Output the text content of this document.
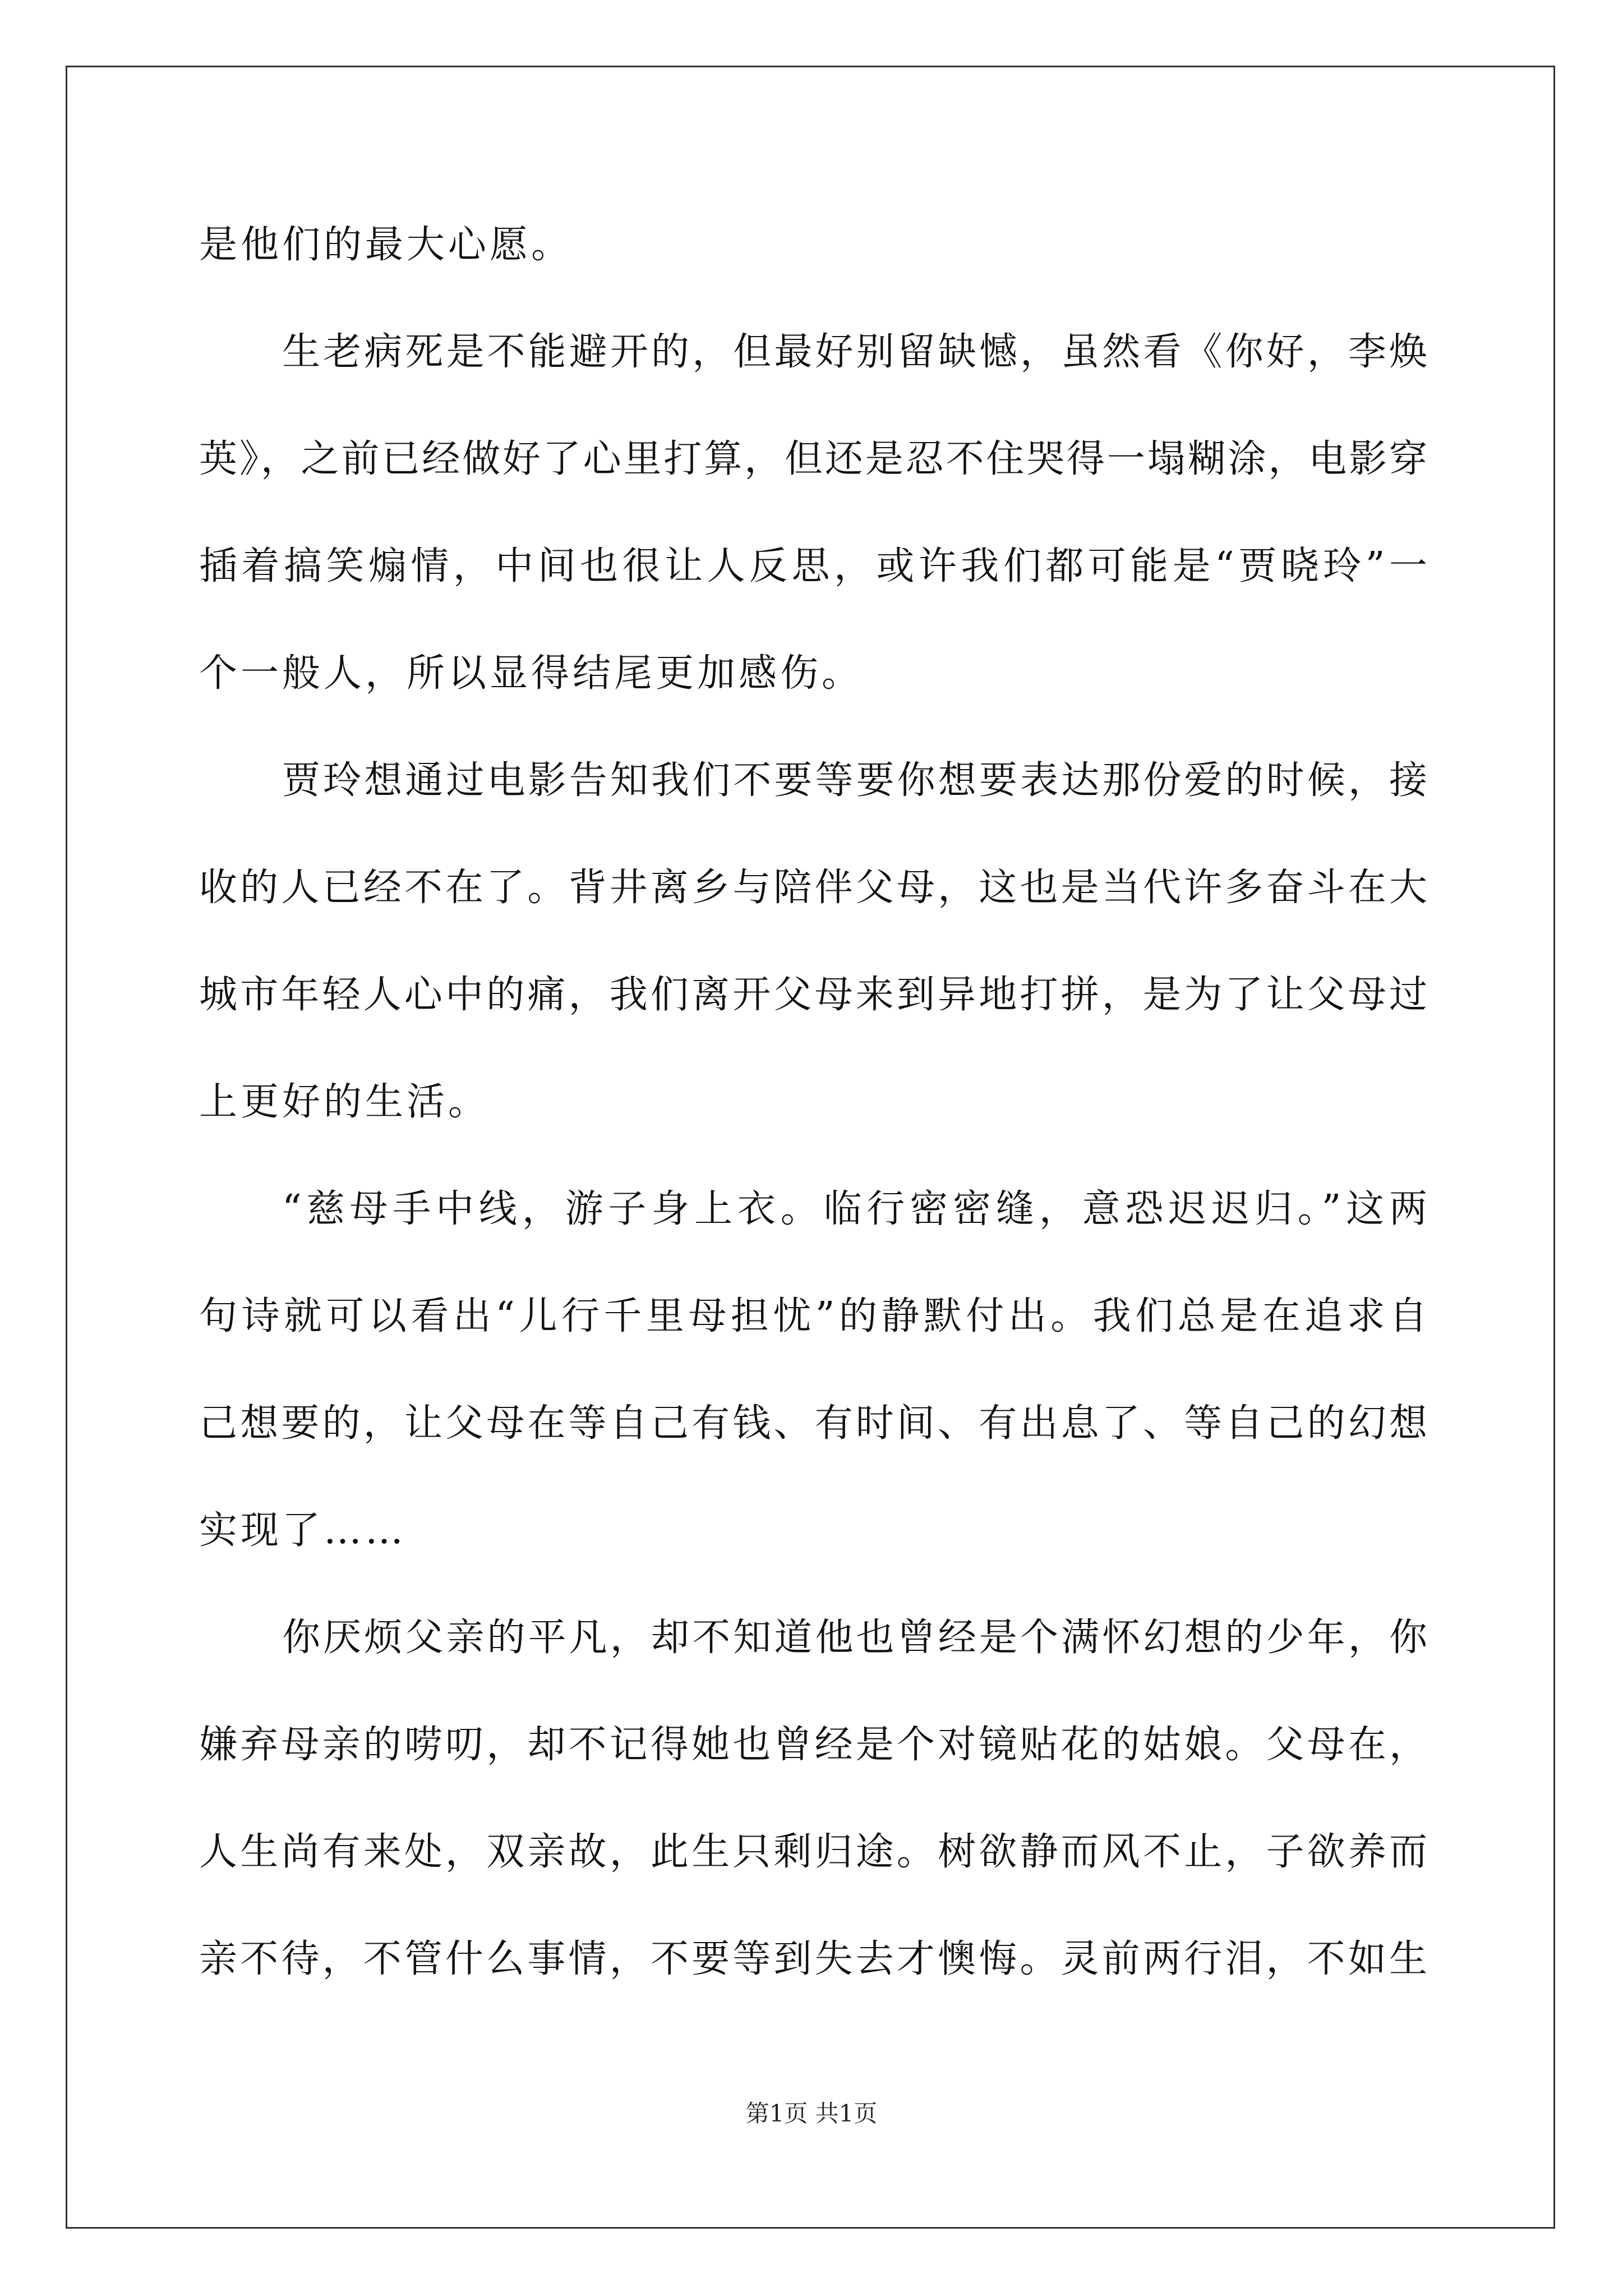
是他们的最大心愿。
生老病死是不能避开的，但最好别留缺憾，虽然看《你好，李焕
英》，之前已经做好了心里打算，但还是忍不住哭得一塌糊涂，电影穿
插着搞笑煽情，中间也很让人反思，或许我们都可能是“贾晓玲”一
个一般人，所以显得结尾更加感伤。
贾玲想通过电影告知我们不要等要你想要表达那份爱的时候，接
收的人已经不在了。背井离乡与陪伴父母，这也是当代许多奋斗在大
城市年轻人心中的痛，我们离开父母来到异地打拼，是为了让父母过
上更好的生活。
“慈母手中线，游子身上衣。临行密密缝，意恐迟迟归。”这两
句诗就可以看出“儿行千里母担忧”的静默付出。我们总是在追求自
己想要的，让父母在等自己有钱、有时间、有出息了、等自己的幻想
实现了……
你厌烦父亲的平凡，却不知道他也曾经是个满怀幻想的少年，你
嫌弃母亲的唠叨，却不记得她也曾经是个对镜贴花的姑娘。父母在，
人生尚有来处，双亲故，此生只剩归途。树欲静而风不止，子欲养而
亲不待，不管什么事情，不要等到失去才懊悔。灵前两行泪，不如生
第1页 共1页
